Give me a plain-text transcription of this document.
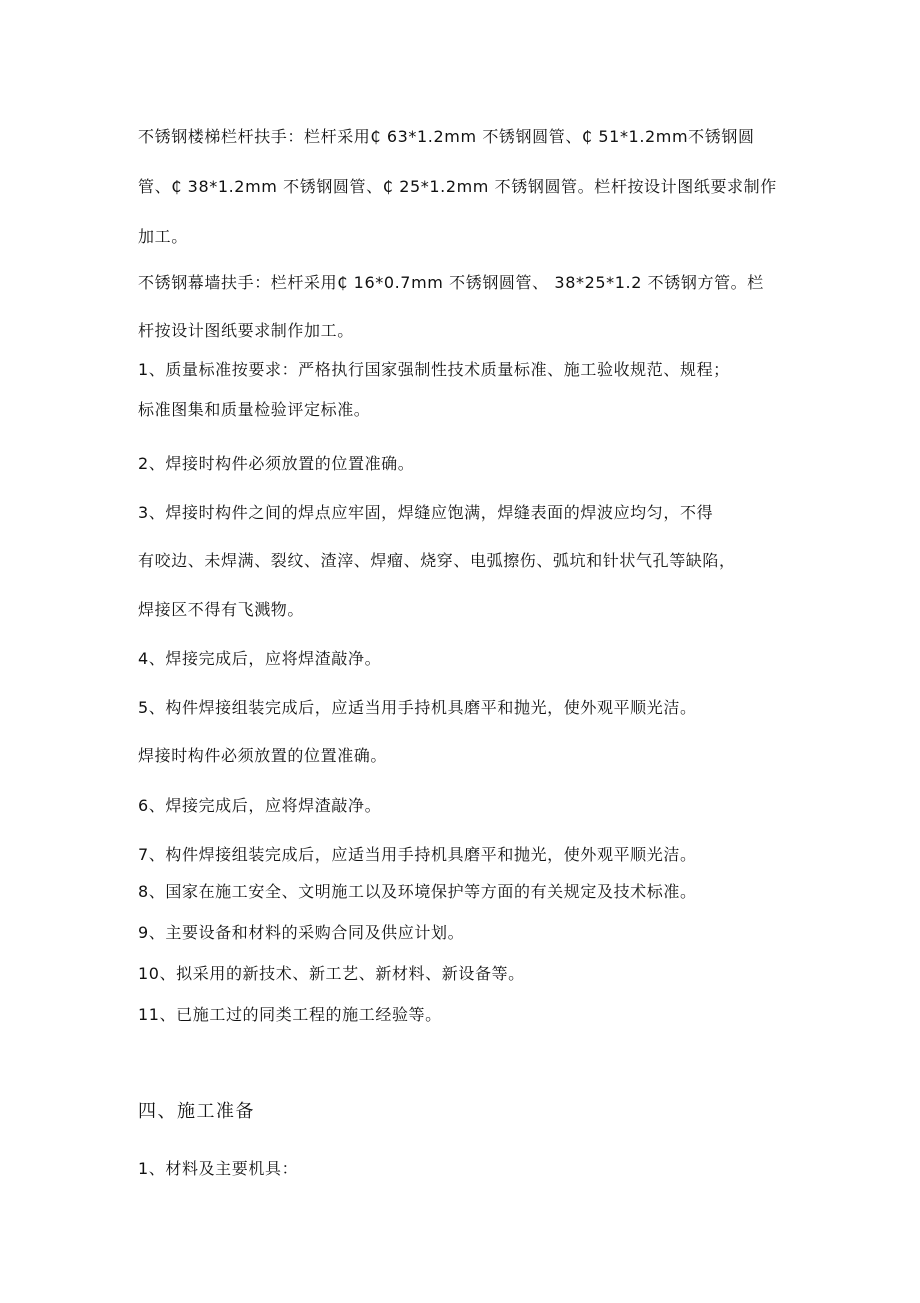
不锈钢楼梯栏杆扶手：栏杆采用₵ 63*1.2mm 不锈钢圆管、₵ 51*1.2mm不锈钢圆
管、₵ 38*1.2mm 不锈钢圆管、₵ 25*1.2mm 不锈钢圆管。栏杆按设计图纸要求制作
加工。
不锈钢幕墙扶手：栏杆采用₵ 16*0.7mm 不锈钢圆管、 38*25*1.2 不锈钢方管。栏
杆按设计图纸要求制作加工。
1、质量标准按要求：严格执行国家强制性技术质量标准、施工验收规范、规程；
标准图集和质量检验评定标准。
2、焊接时构件必须放置的位置准确。
3、焊接时构件之间的焊点应牢固，焊缝应饱满，焊缝表面的焊波应均匀，不得
有咬边、未焊满、裂纹、渣滓、焊瘤、烧穿、电弧擦伤、弧坑和针状气孔等缺陷，
焊接区不得有飞溅物。
4、焊接完成后，应将焊渣敲净。
5、构件焊接组装完成后，应适当用手持机具磨平和抛光，使外观平顺光洁。
焊接时构件必须放置的位置准确。
6、焊接完成后，应将焊渣敲净。
7、构件焊接组装完成后，应适当用手持机具磨平和抛光，使外观平顺光洁。
8、国家在施工安全、文明施工以及环境保护等方面的有关规定及技术标准。
9、主要设备和材料的采购合同及供应计划。
10、拟采用的新技术、新工艺、新材料、新设备等。
11、已施工过的同类工程的施工经验等。
四、施工准备
1、材料及主要机具：
